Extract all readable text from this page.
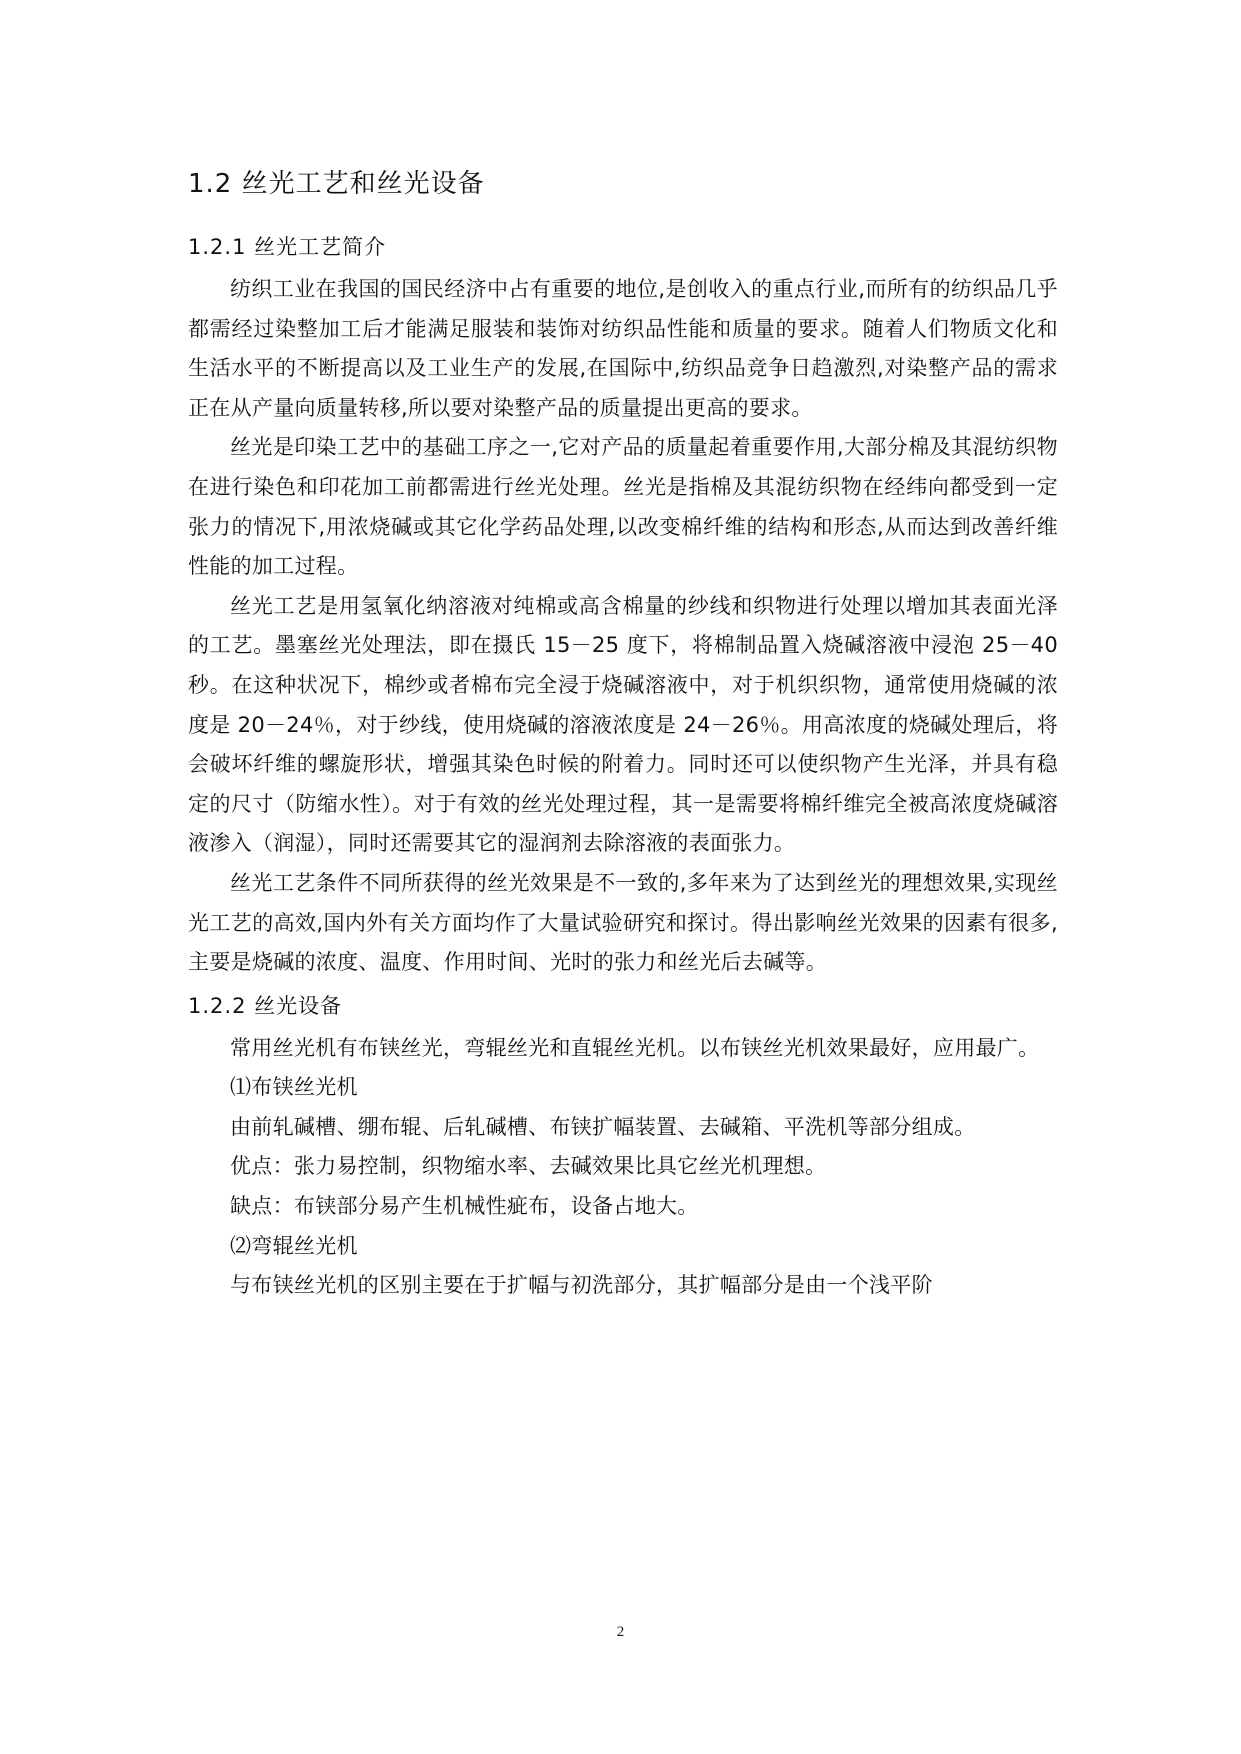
1.2 丝光工艺和丝光设备
1.2.1 丝光工艺简介

纺织工业在我国的国民经济中占有重要的地位,是创收入的重点行业,而所有的纺织品几乎都需经过染整加工后才能满足服装和装饰对纺织品性能和质量的要求。随着人们物质文化和生活水平的不断提高以及工业生产的发展,在国际中,纺织品竞争日趋激烈,对染整产品的需求正在从产量向质量转移,所以要对染整产品的质量提出更高的要求。

丝光是印染工艺中的基础工序之一,它对产品的质量起着重要作用,大部分棉及其混纺织物在进行染色和印花加工前都需进行丝光处理。丝光是指棉及其混纺织物在经纬向都受到一定张力的情况下,用浓烧碱或其它化学药品处理,以改变棉纤维的结构和形态,从而达到改善纤维性能的加工过程。

丝光工艺是用氢氧化纳溶液对纯棉或高含棉量的纱线和织物进行处理以增加其表面光泽的工艺。墨塞丝光处理法，即在摄氏 15－25 度下，将棉制品置入烧碱溶液中浸泡 25－40 秒。在这种状况下，棉纱或者棉布完全浸于烧碱溶液中，对于机织织物，通常使用烧碱的浓度是 20－24％，对于纱线，使用烧碱的溶液浓度是 24－26％。用高浓度的烧碱处理后，将会破坏纤维的螺旋形状，增强其染色时候的附着力。同时还可以使织物产生光泽，并具有稳定的尺寸（防缩水性）。对于有效的丝光处理过程，其一是需要将棉纤维完全被高浓度烧碱溶液渗入（润湿），同时还需要其它的湿润剂去除溶液的表面张力。

丝光工艺条件不同所获得的丝光效果是不一致的,多年来为了达到丝光的理想效果,实现丝光工艺的高效,国内外有关方面均作了大量试验研究和探讨。得出影响丝光效果的因素有很多,主要是烧碱的浓度、温度、作用时间、光时的张力和丝光后去碱等。

1.2.2 丝光设备

常用丝光机有布铗丝光，弯辊丝光和直辊丝光机。以布铗丝光机效果最好，应用最广。

⑴布铗丝光机

由前轧碱槽、绷布辊、后轧碱槽、布铗扩幅装置、去碱箱、平洗机等部分组成。

优点：张力易控制，织物缩水率、去碱效果比具它丝光机理想。

缺点：布铗部分易产生机械性疵布，设备占地大。

⑵弯辊丝光机

与布铗丝光机的区别主要在于扩幅与初洗部分，其扩幅部分是由一个浅平阶

2
